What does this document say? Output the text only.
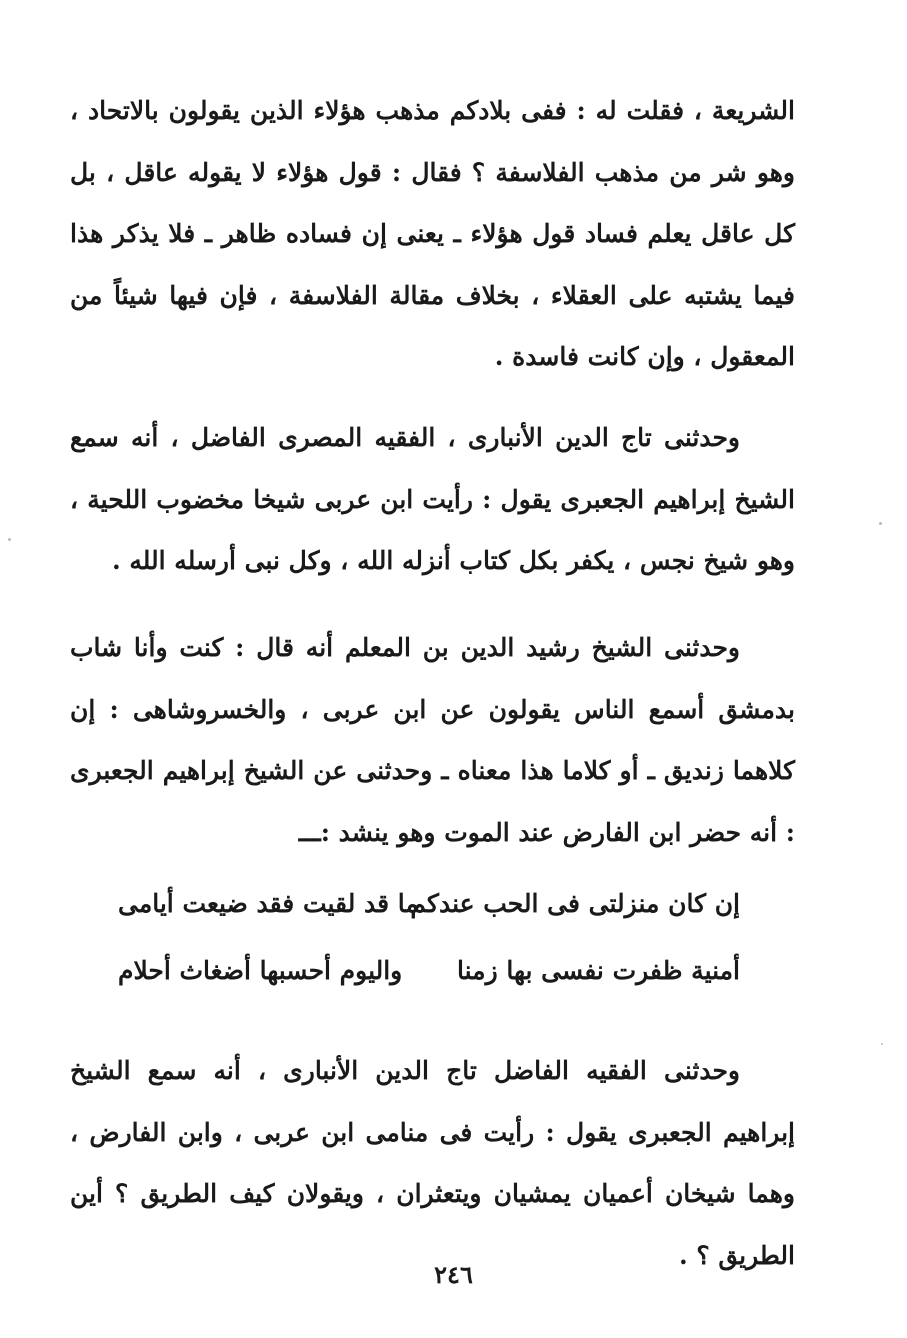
الشريعة ، فقلت له : ففى بلادكم مذهب هؤلاء الذين يقولون بالاتحاد ، وهو شر من مذهب الفلاسفة ؟ فقال : قول هؤلاء لا يقوله عاقل ، بل كل عاقل يعلم فساد قول هؤلاء ـ يعنى إن فساده ظاهر ـ فلا يذكر هذا فيما يشتبه على العقلاء ، بخلاف مقالة الفلاسفة ، فإن فيها شيئاً من المعقول ، وإن كانت فاسدة .
وحدثنى تاج الدين الأنبارى ، الفقيه المصرى الفاضل ، أنه سمع الشيخ إبراهيم الجعبرى يقول : رأيت ابن عربى شيخا مخضوب اللحية ، وهو شيخ نجس ، يكفر بكل كتاب أنزله الله ، وكل نبى أرسله الله .
وحدثنى الشيخ رشيد الدين بن المعلم أنه قال : كنت وأنا شاب بدمشق أسمع الناس يقولون عن ابن عربى ، والخسروشاهى : إن كلاهما زنديق ـ أو كلاما هذا معناه ـ وحدثنى عن الشيخ إبراهيم الجعبرى : أنه حضر ابن الفارض عند الموت وهو ينشد :ـــ
إن كان منزلتى فى الحب عندكم
ما قد لقيت فقد ضيعت أيامى
أمنية ظفرت نفسى بها زمنا
واليوم أحسبها أضغاث أحلام
وحدثنى الفقيه الفاضل تاج الدين الأنبارى ، أنه سمع الشيخ إبراهيم الجعبرى يقول : رأيت فى منامى ابن عربى ، وابن الفارض ، وهما شيخان أعميان يمشيان ويتعثران ، ويقولان كيف الطريق ؟ أين الطريق ؟ .
٢٤٦
